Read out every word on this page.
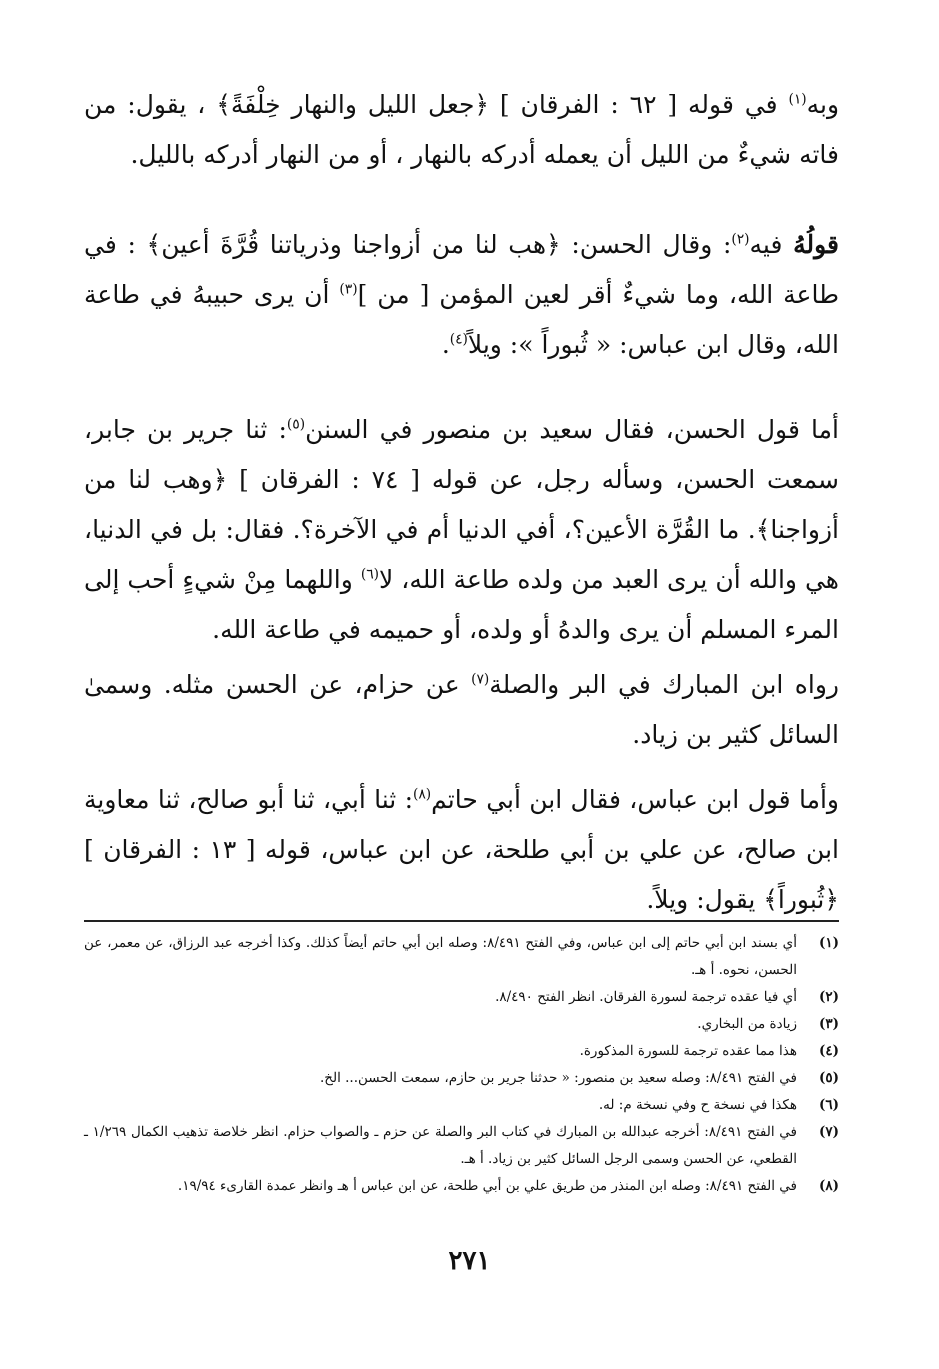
وبه$^{(١)}$ في قوله [ ٦٢ : الفرقان ] ﴿جعل الليل والنهار خِلْفَةً﴾ ، يقول: من فاته شيءٌ من الليل أن يعمله أدركه بالنهار ، أو من النهار أدركه بالليل.

قولُهُ فيه$^{(٢)}$: وقال الحسن: ﴿هب لنا من أزواجنا وذرياتنا قُرَّةَ أعين﴾ : في طاعة الله، وما شيءٌ أقر لعين المؤمن [ من ]$^{(٣)}$ أن يرى حبيبهُ في طاعة الله، وقال ابن عباس: « ثُبوراً »: ويلاً$^{(٤)}$.

أما قول الحسن، فقال سعيد بن منصور في السنن$^{(٥)}$: ثنا جرير بن جابر، سمعت الحسن، وسأله رجل، عن قوله [ ٧٤ : الفرقان ] ﴿وهب لنا من أزواجنا﴾. ما القُرَّة الأعين؟، أفي الدنيا أم في الآخرة؟. فقال: بل في الدنيا، هي والله أن يرى العبد من ولده طاعة الله، لا$^{(٦)}$ واللهما مِنْ شيءٍ أحب إلى المرء المسلم أن يرى والدهُ أو ولده، أو حميمه في طاعة الله.

رواه ابن المبارك في البر والصلة$^{(٧)}$ عن حزام، عن الحسن مثله. وسمىٰ السائل كثير بن زياد.

وأما قول ابن عباس، فقال ابن أبي حاتم$^{(٨)}$: ثنا أبي، ثنا أبو صالح، ثنا معاوية ابن صالح، عن علي بن أبي طلحة، عن ابن عباس، قوله [ ١٣ : الفرقان ] ﴿ثُبوراً﴾ يقول: ويلاً.

(١)
أي بسند ابن أبي حاتم إلى ابن عباس، وفي الفتح ٨/٤٩١: وصله ابن أبي حاتم أيضاً كذلك. وكذا أخرجه عبد الرزاق، عن معمر، عن الحسن، نحوه. أ هـ.
(٢)
أي فيا عقده ترجمة لسورة الفرقان. انظر الفتح ٨/٤٩٠.
(٣)
زيادة من البخاري.
(٤)
هذا مما عقده ترجمة للسورة المذكورة.
(٥)
في الفتح ٨/٤٩١: وصله سعيد بن منصور: « حدثنا جرير بن حازم، سمعت الحسن... الخ.
(٦)
هكذا في نسخة ح وفي نسخة م: له.
(٧)
في الفتح ٨/٤٩١: أخرجه عبدالله بن المبارك في كتاب البر والصلة عن حزم ـ والصواب حزام. انظر خلاصة تذهيب الكمال ١/٢٦٩ ـ القطعي، عن الحسن وسمى الرجل السائل كثير بن زياد. أ هـ.
(٨)
في الفتح ٨/٤٩١: وصله ابن المنذر من طريق علي بن أبي طلحة، عن ابن عباس أ هـ وانظر عمدة القارىء ١٩/٩٤.
٢٧١
